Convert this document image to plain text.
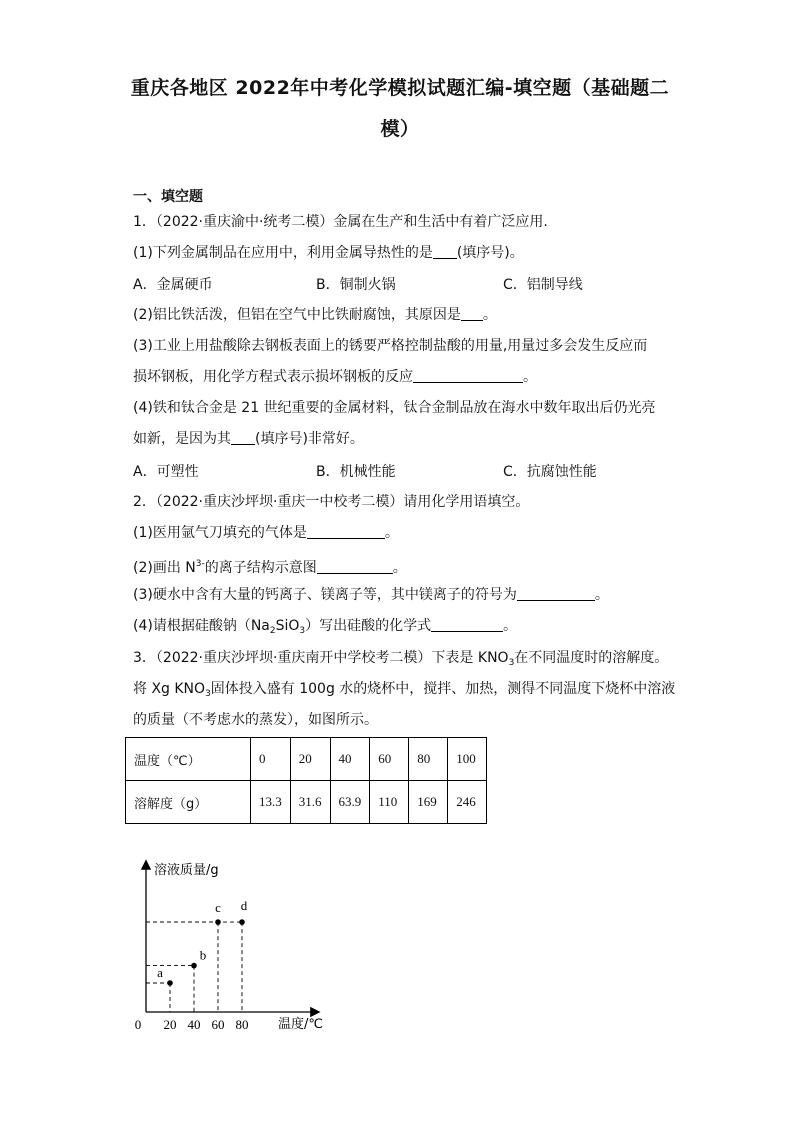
重庆各地区 2022年中考化学模拟试题汇编-填空题（基础题二模）
一、填空题
1．（2022·重庆渝中·统考二模）金属在生产和生活中有着广泛应用.
(1)下列金属制品在应用中，利用金属导热性的是 (填序号)。
A．金属硬币	B．铜制火锅	C．铝制导线
(2)铝比铁活泼，但铝在空气中比铁耐腐蚀，其原因是 。
(3)工业上用盐酸除去钢板表面上的锈要严格控制盐酸的用量,用量过多会发生反应而损坏钢板，用化学方程式表示损坏钢板的反应	。
(4)铁和钛合金是 21 世纪重要的金属材料，钛合金制品放在海水中数年取出后仍光亮如新，是因为其 (填序号)非常好。
A．可塑性	B．机械性能	C．抗腐蚀性能
2．（2022·重庆沙坪坝·重庆一中校考二模）请用化学用语填空。
(1)医用氩气刀填充的气体是	。
(2)画出 $N^{3-}$的离子结构示意图	。
(3)硬水中含有大量的钙离子、镁离子等，其中镁离子的符号为	。
(4)请根据硅酸钠$(Na_2SiO_3)$写出硅酸的化学式	。
3．（2022·重庆沙坪坝·重庆南开中学校考二模）下表是 $KNO_3$在不同温度时的溶解度。
将 Xg $KNO_3$固体投入盛有 100g 水的烧杯中，搅拌、加热，测得不同温度下烧杯中溶液
的质量（不考虑水的蒸发），如图所示。
温度（℃）	0	20	40	60	80	100
溶解度（g）	13.3	31.6	63.9	110	169	246
溶液质量/g
温度/℃
0 20 40 60 80
a
b
c d
